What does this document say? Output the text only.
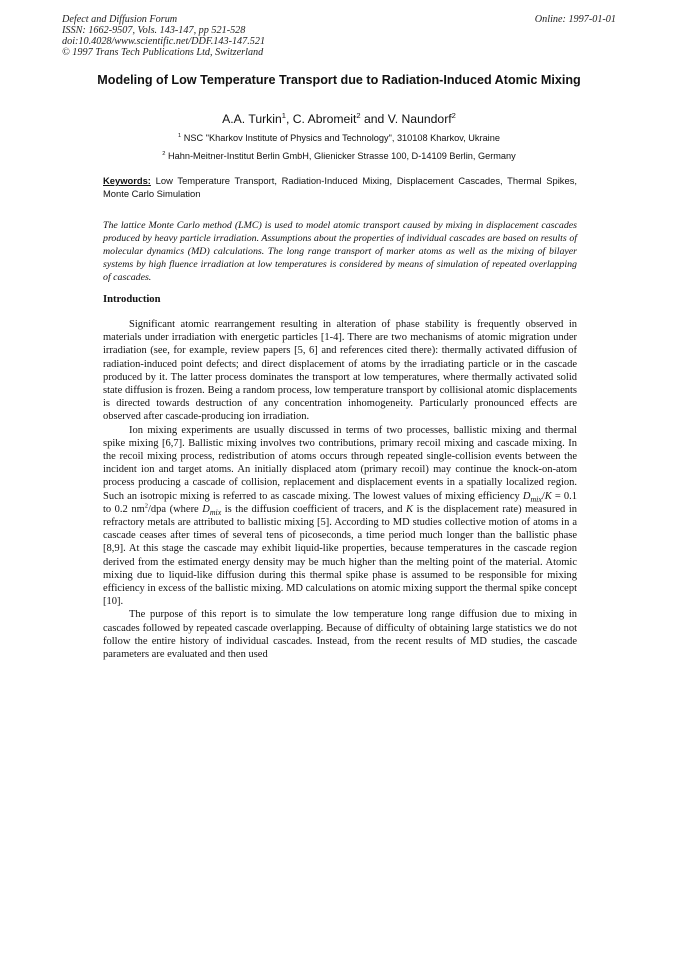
Defect and Diffusion Forum
ISSN: 1662-9507, Vols. 143-147, pp 521-528
doi:10.4028/www.scientific.net/DDF.143-147.521
© 1997 Trans Tech Publications Ltd, Switzerland
Online: 1997-01-01
Modeling of Low Temperature Transport due to Radiation-Induced Atomic Mixing
A.A. Turkin$^1$, C. Abromeit$^2$ and V. Naundorf$^2$
$^1$ NSC "Kharkov Institute of Physics and Technology", 310108 Kharkov, Ukraine
$^2$ Hahn-Meitner-Institut Berlin GmbH, Glienicker Strasse 100, D-14109 Berlin, Germany
Keywords: Low Temperature Transport, Radiation-Induced Mixing, Displacement Cascades, Thermal Spikes, Monte Carlo Simulation

The lattice Monte Carlo method (LMC) is used to model atomic transport caused by mixing in displacement cascades produced by heavy particle irradiation. Assumptions about the properties of individual cascades are based on results of molecular dynamics (MD) calculations. The long range transport of marker atoms as well as the mixing of bilayer systems by high fluence irradiation at low temperatures is considered by means of simulation of repeated overlapping of cascades.

Introduction

Significant atomic rearrangement resulting in alteration of phase stability is frequently observed in materials under irradiation with energetic particles [1-4]. There are two mechanisms of atomic migration under irradiation (see, for example, review papers [5, 6] and references cited there): thermally activated diffusion of radiation-induced point defects; and direct displacement of atoms by the irradiating particle or in the cascade produced by it. The latter process dominates the transport at low temperatures, where thermally activated solid state diffusion is frozen. Being a random process, low temperature transport by collisional atomic displacements is directed towards destruction of any concentration inhomogeneity. Particularly pronounced effects are observed after cascade-producing ion irradiation.

Ion mixing experiments are usually discussed in terms of two processes, ballistic mixing and thermal spike mixing [6,7]. Ballistic mixing involves two contributions, primary recoil mixing and cascade mixing. In the recoil mixing process, redistribution of atoms occurs through repeated single-collision events between the incident ion and target atoms. An initially displaced atom (primary recoil) may continue the knock-on-atom process producing a cascade of collision, replacement and displacement events in a spatially localized region. Such an isotropic mixing is referred to as cascade mixing. The lowest values of mixing efficiency $D_{mix}/K = 0.1$ to 0.2 $nm^2$/dpa (where $D_{mix}$ is the diffusion coefficient of tracers, and K is the displacement rate) measured in refractory metals are attributed to ballistic mixing [5]. According to MD studies collective motion of atoms in a cascade ceases after times of several tens of picoseconds, a time period much longer than the ballistic phase [8,9]. At this stage the cascade may exhibit liquid-like properties, because temperatures in the cascade region derived from the estimated energy density may be much higher than the melting point of the material. Atomic mixing due to liquid-like diffusion during this thermal spike phase is assumed to be responsible for mixing efficiency in excess of the ballistic mixing. MD calculations on atomic mixing support the thermal spike concept [10].

The purpose of this report is to simulate the low temperature long range diffusion due to mixing in cascades followed by repeated cascade overlapping. Because of difficulty of obtaining large statistics we do not follow the entire history of individual cascades. Instead, from the recent results of MD studies, the cascade parameters are evaluated and then used
